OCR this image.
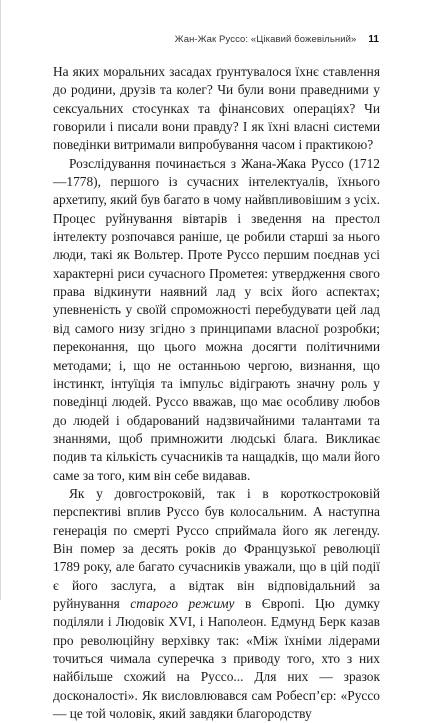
Жан-Жак Руссо: «Цікавий божевільний» 11

На яких моральних засадах ґрунтувалося їхнє ставлення до родини, друзів та колег? Чи були вони праведними у сексуальних стосунках та фінансових операціях? Чи говорили і писали вони правду? І як їхні власні системи поведінки витримали випробування часом і практикою?

Розслідування починається з Жана-Жака Руссо (1712—1778), першого із сучасних інтелектуалів, їхнього архетипу, який був багато в чому найвпливовішим з усіх. Процес руйнування вівтарів і зведення на престол інтелекту розпочався раніше, це робили старші за нього люди, такі як Вольтер. Проте Руссо першим поєднав усі характерні риси сучасного Прометея: утвердження свого права відкинути наявний лад у всіх його аспектах; упевненість у своїй спроможності перебудувати цей лад від самого низу згідно з принципами власної розробки; переконання, що цього можна досягти політичними методами; і, що не останньою чергою, визнання, що інстинкт, інтуїція та імпульс відіграють значну роль у поведінці людей. Руссо вважав, що має особливу любов до людей і обдарований надзвичайними талантами та знаннями, щоб примножити людські блага. Викликає подив та кількість сучасників та нащадків, що мали його саме за того, ким він себе видавав.

Як у довгостроковій, так і в короткостроковій перспективі вплив Руссо був колосальним. А наступна генерація по смерті Руссо сприймала його як легенду. Він помер за десять років до Французької революції 1789 року, але багато сучасників уважали, що в цій події є його заслуга, а відтак він відповідальний за руйнування старого режиму в Європі. Цю думку поділяли і Людовік XVI, і Наполеон. Едмунд Берк казав про революційну верхівку так: «Між їхніми лідерами точиться чимала суперечка з приводу того, хто з них найбільше схожий на Руссо... Для них — зразок досконалості». Як висловлювався сам Робесп’єр: «Руссо — це той чоловік, який завдяки благородству
